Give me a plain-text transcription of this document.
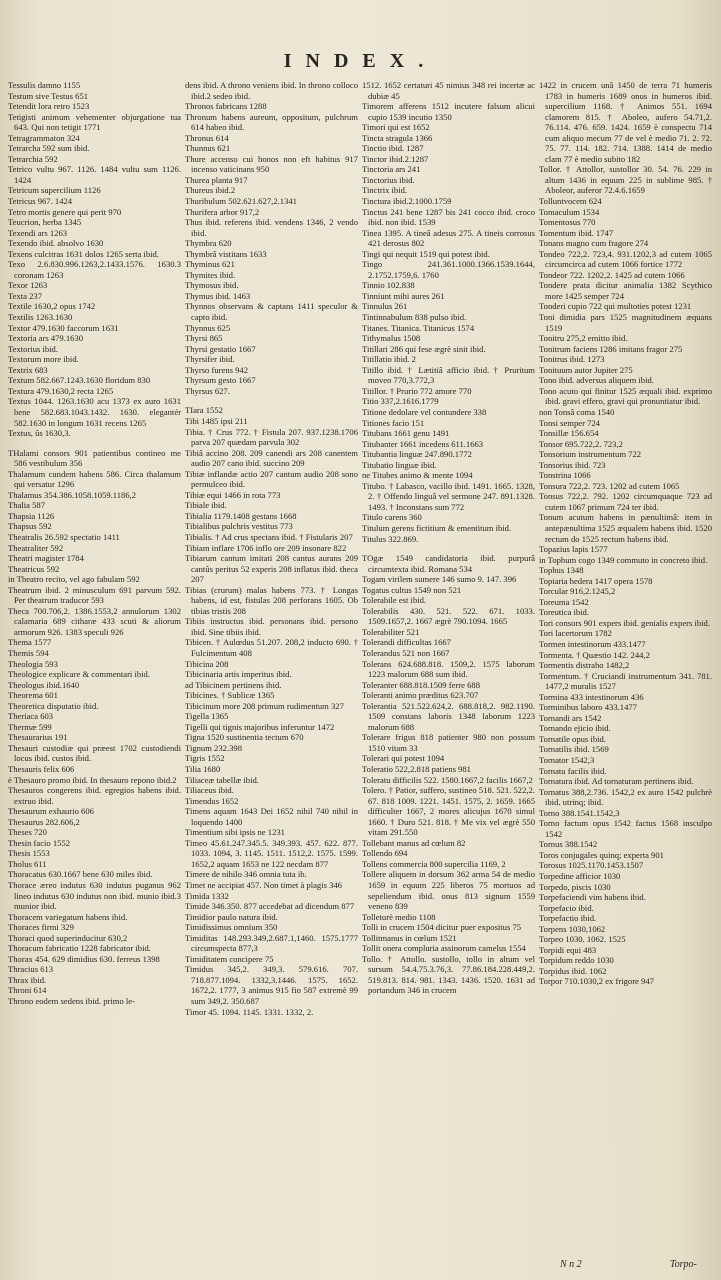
INDEX.

Tessulis damno 1155

Testum sive Testus 651

Tetendit lora retro 1523

Tetigisti animum vehementer objurgatione tua 643. Qui non tetigit 1771

Tetragrammaton 324

Tetrarcha 592 sum ibid.

Tetrarchia 592

Tetrico vultu 967. 1126. 1484 vultu sum 1126. 1424

Tetricum supercilium 1126

Tetricus 967. 1424

Tetro mortis genere qui perit 970

Teucrion, herba 1345

Texendi ars 1263

Texendo ibid. absolvo 1630

Texens culcitras 1631 dolos 1265 serta ibid.

Texo 2.6.830.996.1263,2.1433.1576. 1630.3 coronam 1263

Texor 1263

Texta 237

Textile 1630,2 opus 1742

Textilis 1263.1630

Textor 479.1630 faccorum 1631

Textoria ars 479.1630

Textorius ibid.

Textorum more ibid.

Textrix 683

Textum 582.667.1243.1630 floridum 830

Textura 479.1630,2 recta 1265

Textus 1044. 1263.1630 acu 1373 ex auro 1631 bene 582.683.1043.1432. 1630. elegantér 582.1630 in longum 1631 recens 1265

Textus, ûs 1630,3.

THalami consors 901 patientibus contineo me 586 vestibulum 356

Thalamum cundem habens 586. Circa thalamum qui versatur 1296

Thalamus 354.386.1058.1059.1186,2

Thalia 587

Thapsia 1126

Thapsus 592

Theatralis 26.592 spectatio 1411

Theatraliter 592

Theatri magister 1784

Theatricus 592

in Theatro recito, vel ago fabulam 592

Theatrum ibid. 2 minusculum 691 parvum 592. Per theatrum traducor 593

Theca 700.706,2. 1386.1553,2 annulorum 1302 calamaria 689 citharæ 433 scuti & aliorum armorum 926. 1383 speculi 926

Thema 1577

Themis 594

Theologia 593

Theologice explicare & commentari ibid.

Theologus ibid.1640

Theorema 601

Theoretica disputatio ibid.

Theriaca 603

Thermæ 599

Thesaurarius 191

Thesauri custodiæ qui præest 1702 custodiendi locus ibid. custos ibid.

Thesauris felix 606

è Thesauro promo ibid. In thesauro repono ibid.2

Thesauros congerens ibid. egregios habens ibid. extruo ibid.

Thesaurum exhaurio 606

Thesaurus 282.606,2

Theses 720

Thesin facio 1552

Thesis 1553

Tholus 611

Thoracatus 630.1667 bene 630 miles ibid.

Thorace æreo indutus 630 indutus puganus 962 lineo indutus 630 indutus non ibid. munio ibid.3 munior ibid.

Thoracem variegatum habens ibid.

Thoraces firmi 329

Thoraci quod superinducitur 630,2

Thoracum fabricatio 1228 fabricator ibid.

Thorax 454. 629 dimidius 630. ferreus 1398

Thracius 613

Thrax ibid.

Throni 614

Throno eodem sedens ibid. primo le-

dens ibid. A throno veniens ibid. In throno colloco ibid.2 sedeo ibid.

Thronos fabricans 1288

Thronum habens aureum, oppositum, pulchrum 614 habeo ibid.

Thronus 614

Thunnus 621

Thure accenso cui honos non eft habitus 917 incenso vaticinans 950

Thurea planta 917

Thureus ibid.2

Thuribulum 502.621.627,2.1341

Thurifera arbor 917,2

Thus ibid. referens ibid. vendens 1346, 2 vendo ibid.

Thymbra 620

Thymbrâ vistitans 1633

Thyminus 621

Thymites ibid.

Thymosus ibid.

Thymus ibid. 1463

Thynnos observans & captans 1411 speculor & capto ibid.

Thynnus 625

Thyrsi 865

Thyrsi gestatio 1667

Thyrsifer ibid.

Thyrso furens 942

Thyrsum gesto 1667

Thyrsus 627.

TIara 1552

Tibi 1485 ipsi 211

Tibia. † Crus 772. † Fistula 207. 937.1238.1706 parva 207 quædam parvula 302

Tibiâ accino 208. 209 canendi ars 208 canentem audio 207 cano ibid. succino 209

Tibiæ inflandæ actio 207 cantum audio 208 sono permulceo ibid.

Tibiæ equi 1466 in rota 773

Tibiale ibid.

Tibialia 1179.1408 gestans 1668

Tibialibus pulchris vestitus 773

Tibialis. † Ad crus spectans ibid. † Fistularis 207

Tibiam inflare 1706 inflo ore 209 insonare 822

Tibiarum cantum imitati 208 cantus aurans 209 cantûs peritus 52 experis 208 inflatus ibid. theca 207

Tibias (crurum) malas habens 773. † Longas habens, id est, fistulas 208 perforans 1605. Ob tibias tristis 208

Tibiis instructus ibid. personans ibid. persono ibid. Sine tibiis ibid.

Tibicen. † Aulœdus 51.207. 208,2 inducto 690. † Fulcimentum 408

Tibicina 208

Tibicinaria artis imperitus ibid.

ad Tibicinem pertinens ibid.

Tibicines. † Sublicæ 1365

Tibicinum more 208 primum rudimentum 327

Tigella 1365

Tigelli qui tignis majoribus inferuntur 1472

Tigna 1520 sustinentia tectum 670

Tignum 232.398

Tigris 1552

Tilia 1680

Tiliaceæ tabellæ ibid.

Tiliaceus ibid.

Timendus 1652

Timens aquam 1643 Dei 1652 nihil 740 nihil in loquendo 1400

Timentium sibi ipsis ne 1231

Timeo 45.61.247.345.5. 349.393. 457. 622. 877. 1033. 1094, 3. 1145. 1511. 1512,2. 1575. 1599. 1652,2 aquam 1653 ne 122 necdam 877

Timere de nihilo 346 omnia tuta ib.

Timet ne accipiat 457. Non timet à plagis 346

Timida 1332

Timide 346.350. 877 accedebat ad dicendum 877

Timidior paulo natura ibid.

Timidissimus omnium 350

Timiditas 148.293.349,2.687.1,1460. 1575.1777 circumspecta 877,3

Timiditatem concipere 75

Timidus 345,2. 349,3. 579.616. 707. 718.877.1094. 1332,3.1446. 1575. 1652. 1672,2. 1777, 3 animus 915 fio 587 extremè 99 sum 349,2. 350.687

Timor 45. 1094. 1145. 1331. 1332, 2.

1512. 1652 certaturi 45 nimius 348 rei incertæ ac dubiæ 45

Timorem afferens 1512 incutere falsum alicui cupio 1539 incutio 1350

Timori qui est 1652

Tincta stragula 1366

Tinctio ibid. 1287

Tinctor ibid.2.1287

Tinctoria ars 241

Tinctorius ibid.

Tinctrix ibid.

Tinctura ibid.2.1000.1759

Tinctus 241 bene 1287 bis 241 cocco ibid. croco ibid. non ibid. 1539

Tinea 1395. A tineâ adesus 275. A tineis corrosus 421 derosus 802

Tingi qui nequit 1519 qui potest ibid.

Tingo 241.361.1000.1366.1539.1644, 2.1752.1759,6. 1760

Tinnio 102.838

Tinniunt mihi aures 261

Tinnulus 261

Tintinnabulum 838 pulso ibid.

Titanes. Titanica. Titanicus 1574

Tithymalus 1508

Titillari 286 qui fese ægrè sinit ibid.

Titillatio ibid. 2

Titillo ibid. † Lætitiâ afficio ibid. † Pruritum moveo 770,3.772,3

Titillor. † Prurio 772 amore 770

Titio 337,2.1616.1779

Titione dedolare vel contundere 338

Titiones facio 151

Titubans 1661 genu 1491

Titubanter 1661 incedens 611.1663

Titubantia linguæ 247.890.1772

Titubatio linguæ ibid.

ne Titubes animo & mente 1094

Titubo. † Labasco, vacillo ibid. 1491. 1665. 1328, 2. † Offendo linguâ vel sermone 247. 891.1328. 1493. † Inconstans sum 772

Titulo carens 360

Titulum gerens fictitium & ementitum ibid.

Titulus 322.869.

TOgæ 1549 candidatoria ibid. purpurâ circumtexta ibid. Romana 534

Togam virilem sumere 146 sumo 9. 147. 396

Togatus cultus 1549 non 521

Tolerabile est ibid.

Tolerabilis 430. 521. 522. 671. 1033. 1509.1657,2. 1667 ægrè 790.1094. 1665

Tolerabiliter 521

Tolerandi difficultas 1667

Tolerandus 521 non 1667

Tolerans 624.688.818. 1509,2. 1575 laborum 1223 malorum 688 sum ibid.

Toleranter 688.818.1509 ferre 688

Toleranti animo præditus 623.707

Tolerantia 521.522.624,2. 688.818,2. 982.1190. 1509 constans laboris 1348 laborum 1223 malorum 688

Tolerare frigus 818 patienter 980 non possum 1510 vitam 33

Tolerari qui potest 1094

Toleratio 522,2.818 patiens 981

Toleratu difficilis 522. 1580.1667,2 facilis 1667,2

Tolero. † Patior, suffero, sustineo 518. 521. 522,2. 67. 818 1009. 1221. 1451. 1575, 2. 1659. 1665 difficulter 1667, 2 mores alicujus 1670 simul 1660. † Duro 521. 818. † Me vix vel ægrè 550 vitam 291.550

Tollebant manus ad cœlum 82

Tollendo 694

Tollens commercia 800 supercilia 1169, 2

Tollere aliquem in dorsum 362 arma 54 de medio 1659 in equum 225 liberos 75 mortuos ad sepeliendum ibid. onus 813 signum 1559 veneno 839

Tolleturè medio 1108

Tolli in crucem 1504 dicitur puer expositus 75

Tollitmanus in cœlum 1521

Tollit onera compluria assinorum camelus 1554

Tollo. † Attollo. sustollo, tollo in altum vel sursum 54.4.75.3.76,3. 77.86.184.228.449,2. 519.813. 814. 981. 1343. 1436. 1520. 1631 ad portandum 346 in crucem

1422 in crucem unâ 1450 de terra 71 humeris 1783 in humeris 1689 onus in humeros ibid. supercilium 1168. † Animos 551. 1694 clamorem 815. † Aboleo, aufero 54.71,2. 76.114. 476. 659. 1424. 1659 è conspectu 714 cum aliquo mecum 77 de vel è medio 71. 2. 72. 75. 77. 114. 182. 714. 1388. 1414 de medio clam 77 è medio subito 182

Tollor. † Attollor, sustollor 30. 54. 76. 229 in altum 1436 in equum 225 in sublime 985. † Aboleor, auferor 72.4.6.1659

Tolluntvocem 624

Tomaculum 1534

Tomentosus 770

Tomentum ibid. 1747

Tonans magno cum fragore 274

Tondeo 722,2. 723,4. 931.1202,3 ad cutem 1065 circumcirca ad cutem 1066 fortice 1772

Tondeor 722. 1202,2. 1425 ad cutem 1066

Tondere prata dicitur animalia 1382 Scythico more 1425 semper 724

Tonderi cupio 722 qui multoties potest 1231

Toni dimidia pars 1525 magnitudinem æquans 1519

Tonitru 275,2 emitto ibid.

Tonitrum faciens 1286 imitans fragor 275

Tonitrus ibid. 1273

Tonituum autor Jupiter 275

Tono ibid. adversus aliquem ibid.

Tono acuto qui finitur 1525 æquali ibid. exprimo ibid. gravi effero, gravi qui pronuntiatur ibid.

non Tonsâ coma 1540

Tonsi semper 724

Tonsillæ 156.654

Tonsor 695.722,2. 723,2

Tonsorium instrumentum 722

Tonsorius ibid. 723

Tonstrina 1066

Tonsura 722,2. 723. 1202 ad cutem 1065

Tonsus 722,2. 792. 1202 circumquaque 723 ad cutem 1067 primum 724 ter ibid.

Tonum acutum habens in pænultimâ: item in antepænultima 1525 æqualem habens ibid. 1520 rectum do 1525 rectum habens ibid.

Topazius lapis 1577

in Tophum cogo 1349 commuto in concreto ibid.

Tophus 1348

Topiaria hedera 1417 opera 1578

Torcular 916,2.1245,2

Toreuma 1542

Toreutica ibid.

Tori consors 901 expers ibid. genialis expers ibid.

Tori lacertorum 1782

Tormen intestinorum 433.1477

Tormenta. † Quæstio 142. 244,2

Tormentis distraho 1482,2

Tormentum. † Cruciandi instrumentum 341. 781. 1477,2 muralis 1527

Tormina 433 intestinorum 436

Torminibus laboro 433.1477

Tornandi ars 1542

Tornando ejicio ibid.

Tornatile opus ibid.

Tornatilis ibid. 1569

Tornator 1542,3

Tornatu facilis ibid.

Tornatura ibid. Ad tornaturam pertinens ibid.

Tornatus 388,2.736. 1542,2 ex auro 1542 pulchrè ibid. utrinq; ibid.

Torno 388.1541.1542,3

Torno factum opus 1542 factus 1568 insculpo 1542

Tornus 388.1542

Toros conjugales quinq; experta 901

Torosus 1025.1170.1453.1507

Torpedine afficior 1030

Torpedo, piscis 1030

Torpefaciendi vim habens ibid.

Torpefacio ibid.

Torpefactio ibid.

Torpens 1030,1062

Torpeo 1030. 1062. 1525

Torpidi equi 483

Torpidum reddo 1030

Torpidus ibid. 1062

Torpor 710.1030,2 ex frigore 947

N n 2	Torpo-
